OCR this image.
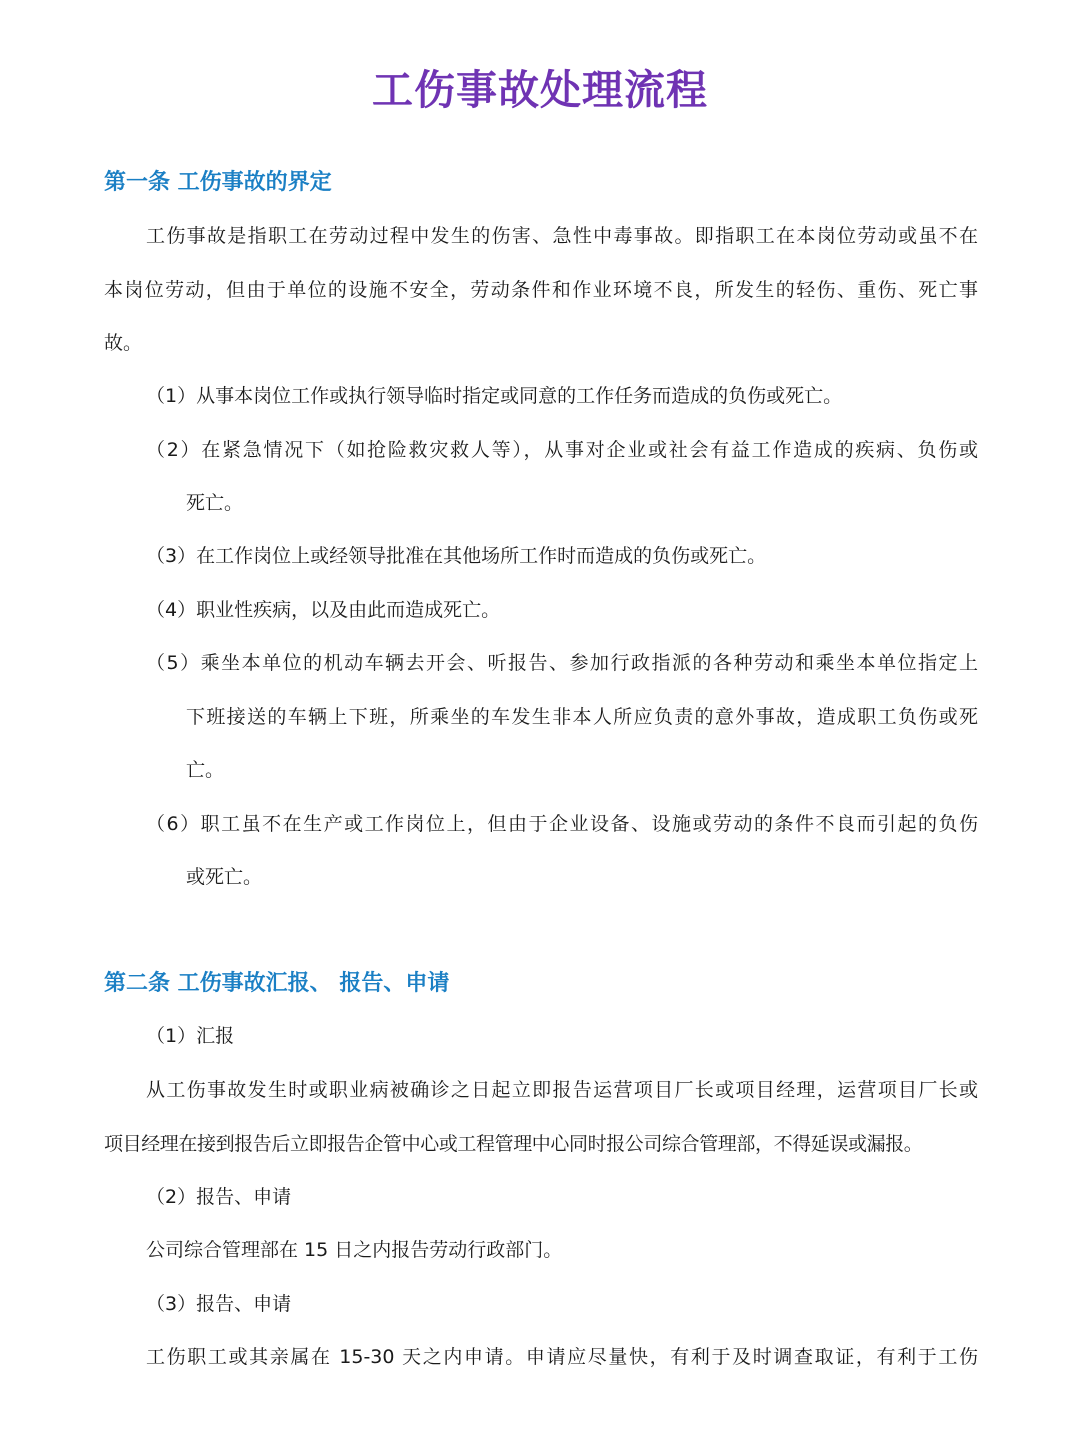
工伤事故处理流程
第一条 工伤事故的界定

工伤事故是指职工在劳动过程中发生的伤害、急性中毒事故。即指职工在本岗位劳动或虽不在

本岗位劳动，但由于单位的设施不安全，劳动条件和作业环境不良，所发生的轻伤、重伤、死亡事

故。

（1）从事本岗位工作或执行领导临时指定或同意的工作任务而造成的负伤或死亡。

（2）在紧急情况下（如抢险救灾救人等），从事对企业或社会有益工作造成的疾病、负伤或

死亡。

（3）在工作岗位上或经领导批准在其他场所工作时而造成的负伤或死亡。

（4）职业性疾病，以及由此而造成死亡。

（5）乘坐本单位的机动车辆去开会、听报告、参加行政指派的各种劳动和乘坐本单位指定上

下班接送的车辆上下班，所乘坐的车发生非本人所应负责的意外事故，造成职工负伤或死

亡。

（6）职工虽不在生产或工作岗位上，但由于企业设备、设施或劳动的条件不良而引起的负伤

或死亡。

第二条 工伤事故汇报、 报告、申请

（1）汇报

从工伤事故发生时或职业病被确诊之日起立即报告运营项目厂长或项目经理，运营项目厂长或

项目经理在接到报告后立即报告企管中心或工程管理中心同时报公司综合管理部，不得延误或漏报。

（2）报告、申请

公司综合管理部在 15 日之内报告劳动行政部门。

（3）报告、申请

工伤职工或其亲属在 15-30 天之内申请。申请应尽量快，有利于及时调查取证，有利于工伤
